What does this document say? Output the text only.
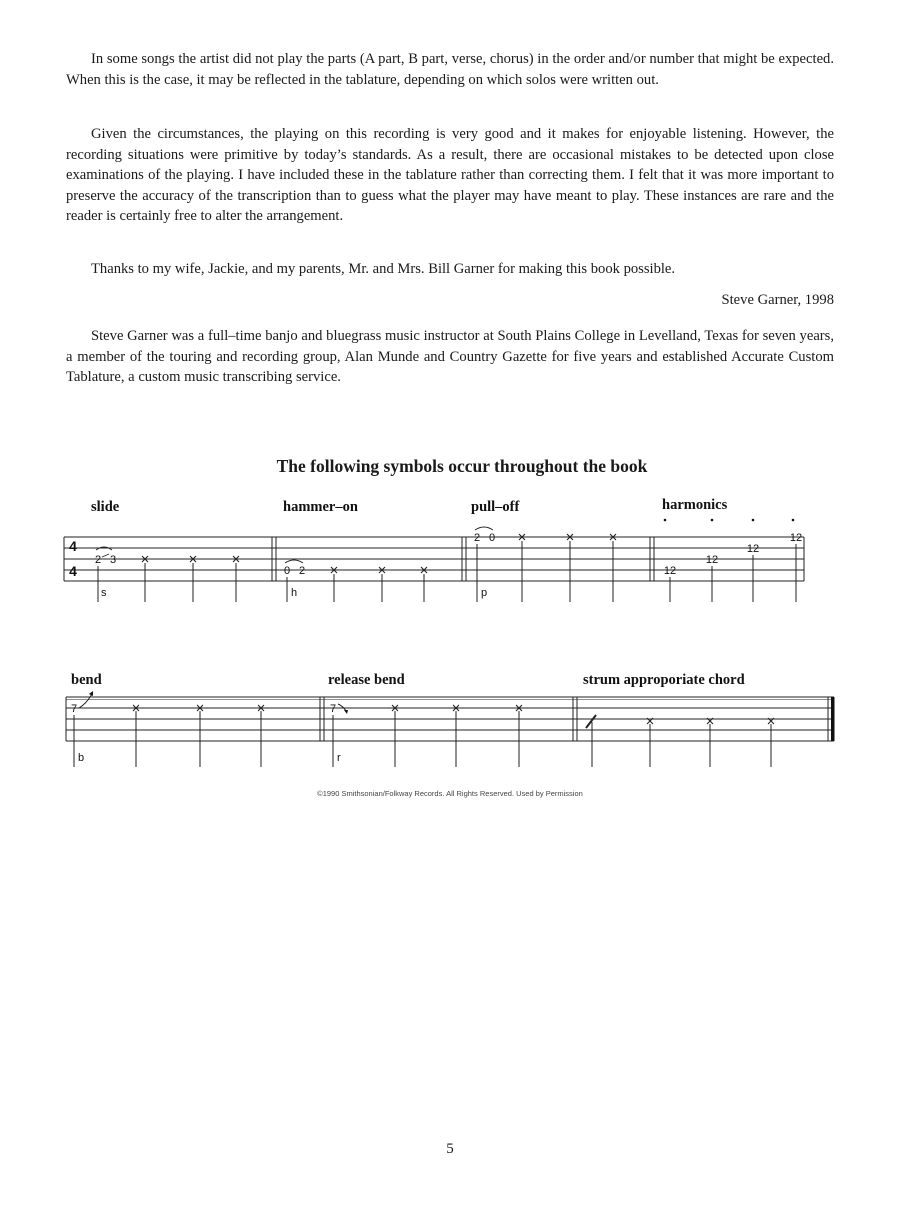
In some songs the artist did not play the parts (A part, B part, verse, chorus) in the order and/or number that might be expected. When this is the case, it may be reflected in the tablature, depending on which solos were written out.

Given the circumstances, the playing on this recording is very good and it makes for enjoyable listening. However, the recording situations were primitive by today’s standards. As a result, there are occasional mistakes to be detected upon close examinations of the playing. I have included these in the tablature rather than correcting them. I felt that it was more important to preserve the accuracy of the transcription than to guess what the player may have meant to play. These instances are rare and the reader is certainly free to alter the arrangement.

Thanks to my wife, Jackie, and my parents, Mr. and Mrs. Bill Garner for making this book possible.

Steve Garner, 1998

Steve Garner was a full–time banjo and bluegrass music instructor at South Plains College in Levelland, Texas for seven years, a member of the touring and recording group, Alan Munde and Country Gazette for five years and established Accurate Custom Tablature, a custom music transcribing service.

The following symbols occur throughout the book
4
4
slide	hammer–on	pull–off	harmonics
2 3
s
0 2
h
2 0
p
12
12
12
12
bend	release bend	strum approporiate chord
7
b
7
r
©1990 Smithsonian/Folkway Records. All Rights Reserved. Used by Permission
5
